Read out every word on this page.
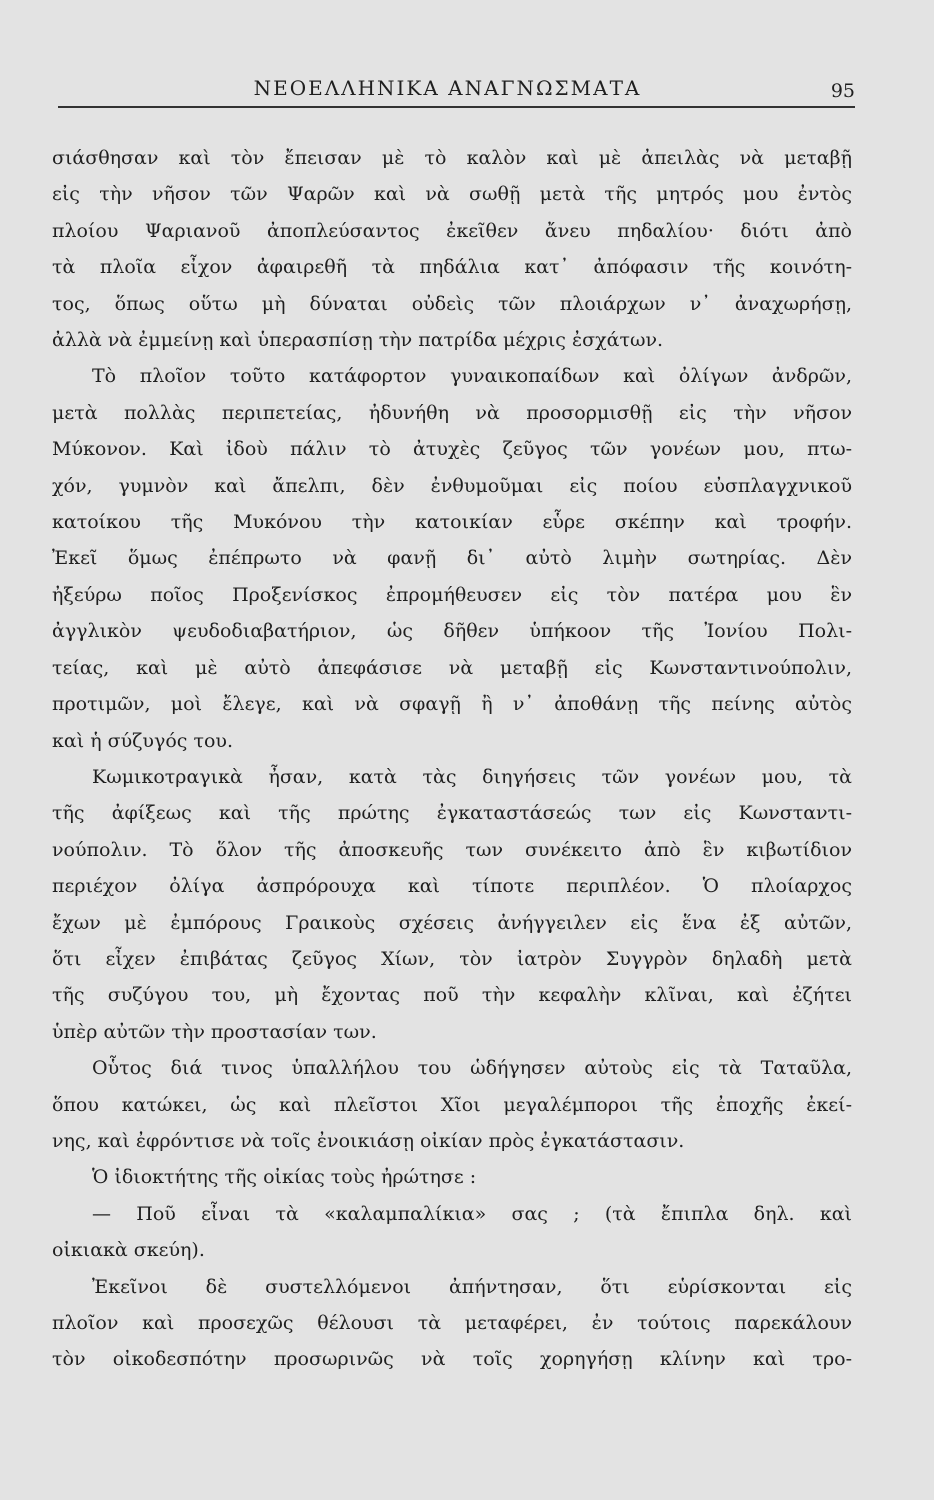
ΝΕΟΕΛΛΗΝΙΚΑ ΑΝΑΓΝΩΣΜΑΤΑ	95
σιάσθησαν καὶ τὸν ἔπεισαν μὲ τὸ καλὸν καὶ μὲ ἀπειλὰς νὰ μεταβῇ
εἰς τὴν νῆσον τῶν Ψαρῶν καὶ νὰ σωθῇ μετὰ τῆς μητρός μου ἐντὸς
πλοίου Ψαριανοῦ ἀποπλεύσαντος ἐκεῖθεν ἄνευ πηδαλίου· διότι ἀπὸ
τὰ πλοῖα εἶχον ἀφαιρεθῆ τὰ πηδάλια κατ᾿ ἀπόφασιν τῆς κοινότη-
τος, ὅπως οὕτω μὴ δύναται οὐδεὶς τῶν πλοιάρχων ν᾿ ἀναχωρήσῃ,
ἀλλὰ νὰ ἐμμείνῃ καὶ ὑπερασπίσῃ τὴν πατρίδα μέχρις ἐσχάτων.
Τὸ πλοῖον τοῦτο κατάφορτον γυναικοπαίδων καὶ ὀλίγων ἀνδρῶν,
μετὰ πολλὰς περιπετείας, ἠδυνήθη νὰ προσορμισθῇ εἰς τὴν νῆσον
Μύκονον. Καὶ ἰδοὺ πάλιν τὸ ἀτυχὲς ζεῦγος τῶν γονέων μου, πτω-
χόν, γυμνὸν καὶ ἄπελπι, δὲν ἐνθυμοῦμαι εἰς ποίου εὐσπλαγχνικοῦ
κατοίκου τῆς Μυκόνου τὴν κατοικίαν εὗρε σκέπην καὶ τροφήν.
Ἐκεῖ ὅμως ἐπέπρωτο νὰ φανῇ δι᾿ αὐτὸ λιμὴν σωτηρίας. Δὲν
ἠξεύρω ποῖος Προξενίσκος ἐπρομήθευσεν εἰς τὸν πατέρα μου ἓν
ἀγγλικὸν ψευδοδιαβατήριον, ὡς δῆθεν ὑπήκοον τῆς Ἰονίου Πολι-
τείας, καὶ μὲ αὐτὸ ἀπεφάσισε νὰ μεταβῇ εἰς Κωνσταντινούπολιν,
προτιμῶν, μοὶ ἔλεγε, καὶ νὰ σφαγῇ ἢ ν᾿ ἀποθάνῃ τῆς πείνης αὐτὸς
καὶ ἡ σύζυγός του.
Κωμικοτραγικὰ ἦσαν, κατὰ τὰς διηγήσεις τῶν γονέων μου, τὰ
τῆς ἀφίξεως καὶ τῆς πρώτης ἐγκαταστάσεώς των εἰς Κωνσταντι-
νούπολιν. Τὸ ὅλον τῆς ἀποσκευῆς των συνέκειτο ἀπὸ ἓν κιβωτίδιον
περιέχον ὀλίγα ἀσπρόρουχα καὶ τίποτε περιπλέον. Ὁ πλοίαρχος
ἔχων μὲ ἐμπόρους Γραικοὺς σχέσεις ἀνήγγειλεν εἰς ἕνα ἐξ αὐτῶν,
ὅτι εἶχεν ἐπιβάτας ζεῦγος Χίων, τὸν ἰατρὸν Συγγρὸν δηλαδὴ μετὰ
τῆς συζύγου του, μὴ ἔχοντας ποῦ τὴν κεφαλὴν κλῖναι, καὶ ἐζήτει
ὑπὲρ αὐτῶν τὴν προστασίαν των.
Οὗτος διά τινος ὑπαλλήλου του ὡδήγησεν αὐτοὺς εἰς τὰ Ταταῦλα,
ὅπου κατώκει, ὡς καὶ πλεῖστοι Χῖοι μεγαλέμποροι τῆς ἐποχῆς ἐκεί-
νης, καὶ ἐφρόντισε νὰ τοῖς ἐνοικιάσῃ οἰκίαν πρὸς ἐγκατάστασιν.
Ὁ ἰδιοκτήτης τῆς οἰκίας τοὺς ἠρώτησε :
— Ποῦ εἶναι τὰ «καλαμπαλίκια» σας ; (τὰ ἔπιπλα δηλ. καὶ
οἰκιακὰ σκεύη).
Ἐκεῖνοι δὲ συστελλόμενοι ἀπήντησαν, ὅτι εὑρίσκονται εἰς
πλοῖον καὶ προσεχῶς θέλουσι τὰ μεταφέρει, ἐν τούτοις παρεκάλουν
τὸν οἰκοδεσπότην προσωρινῶς νὰ τοῖς χορηγήσῃ κλίνην καὶ τρο-
